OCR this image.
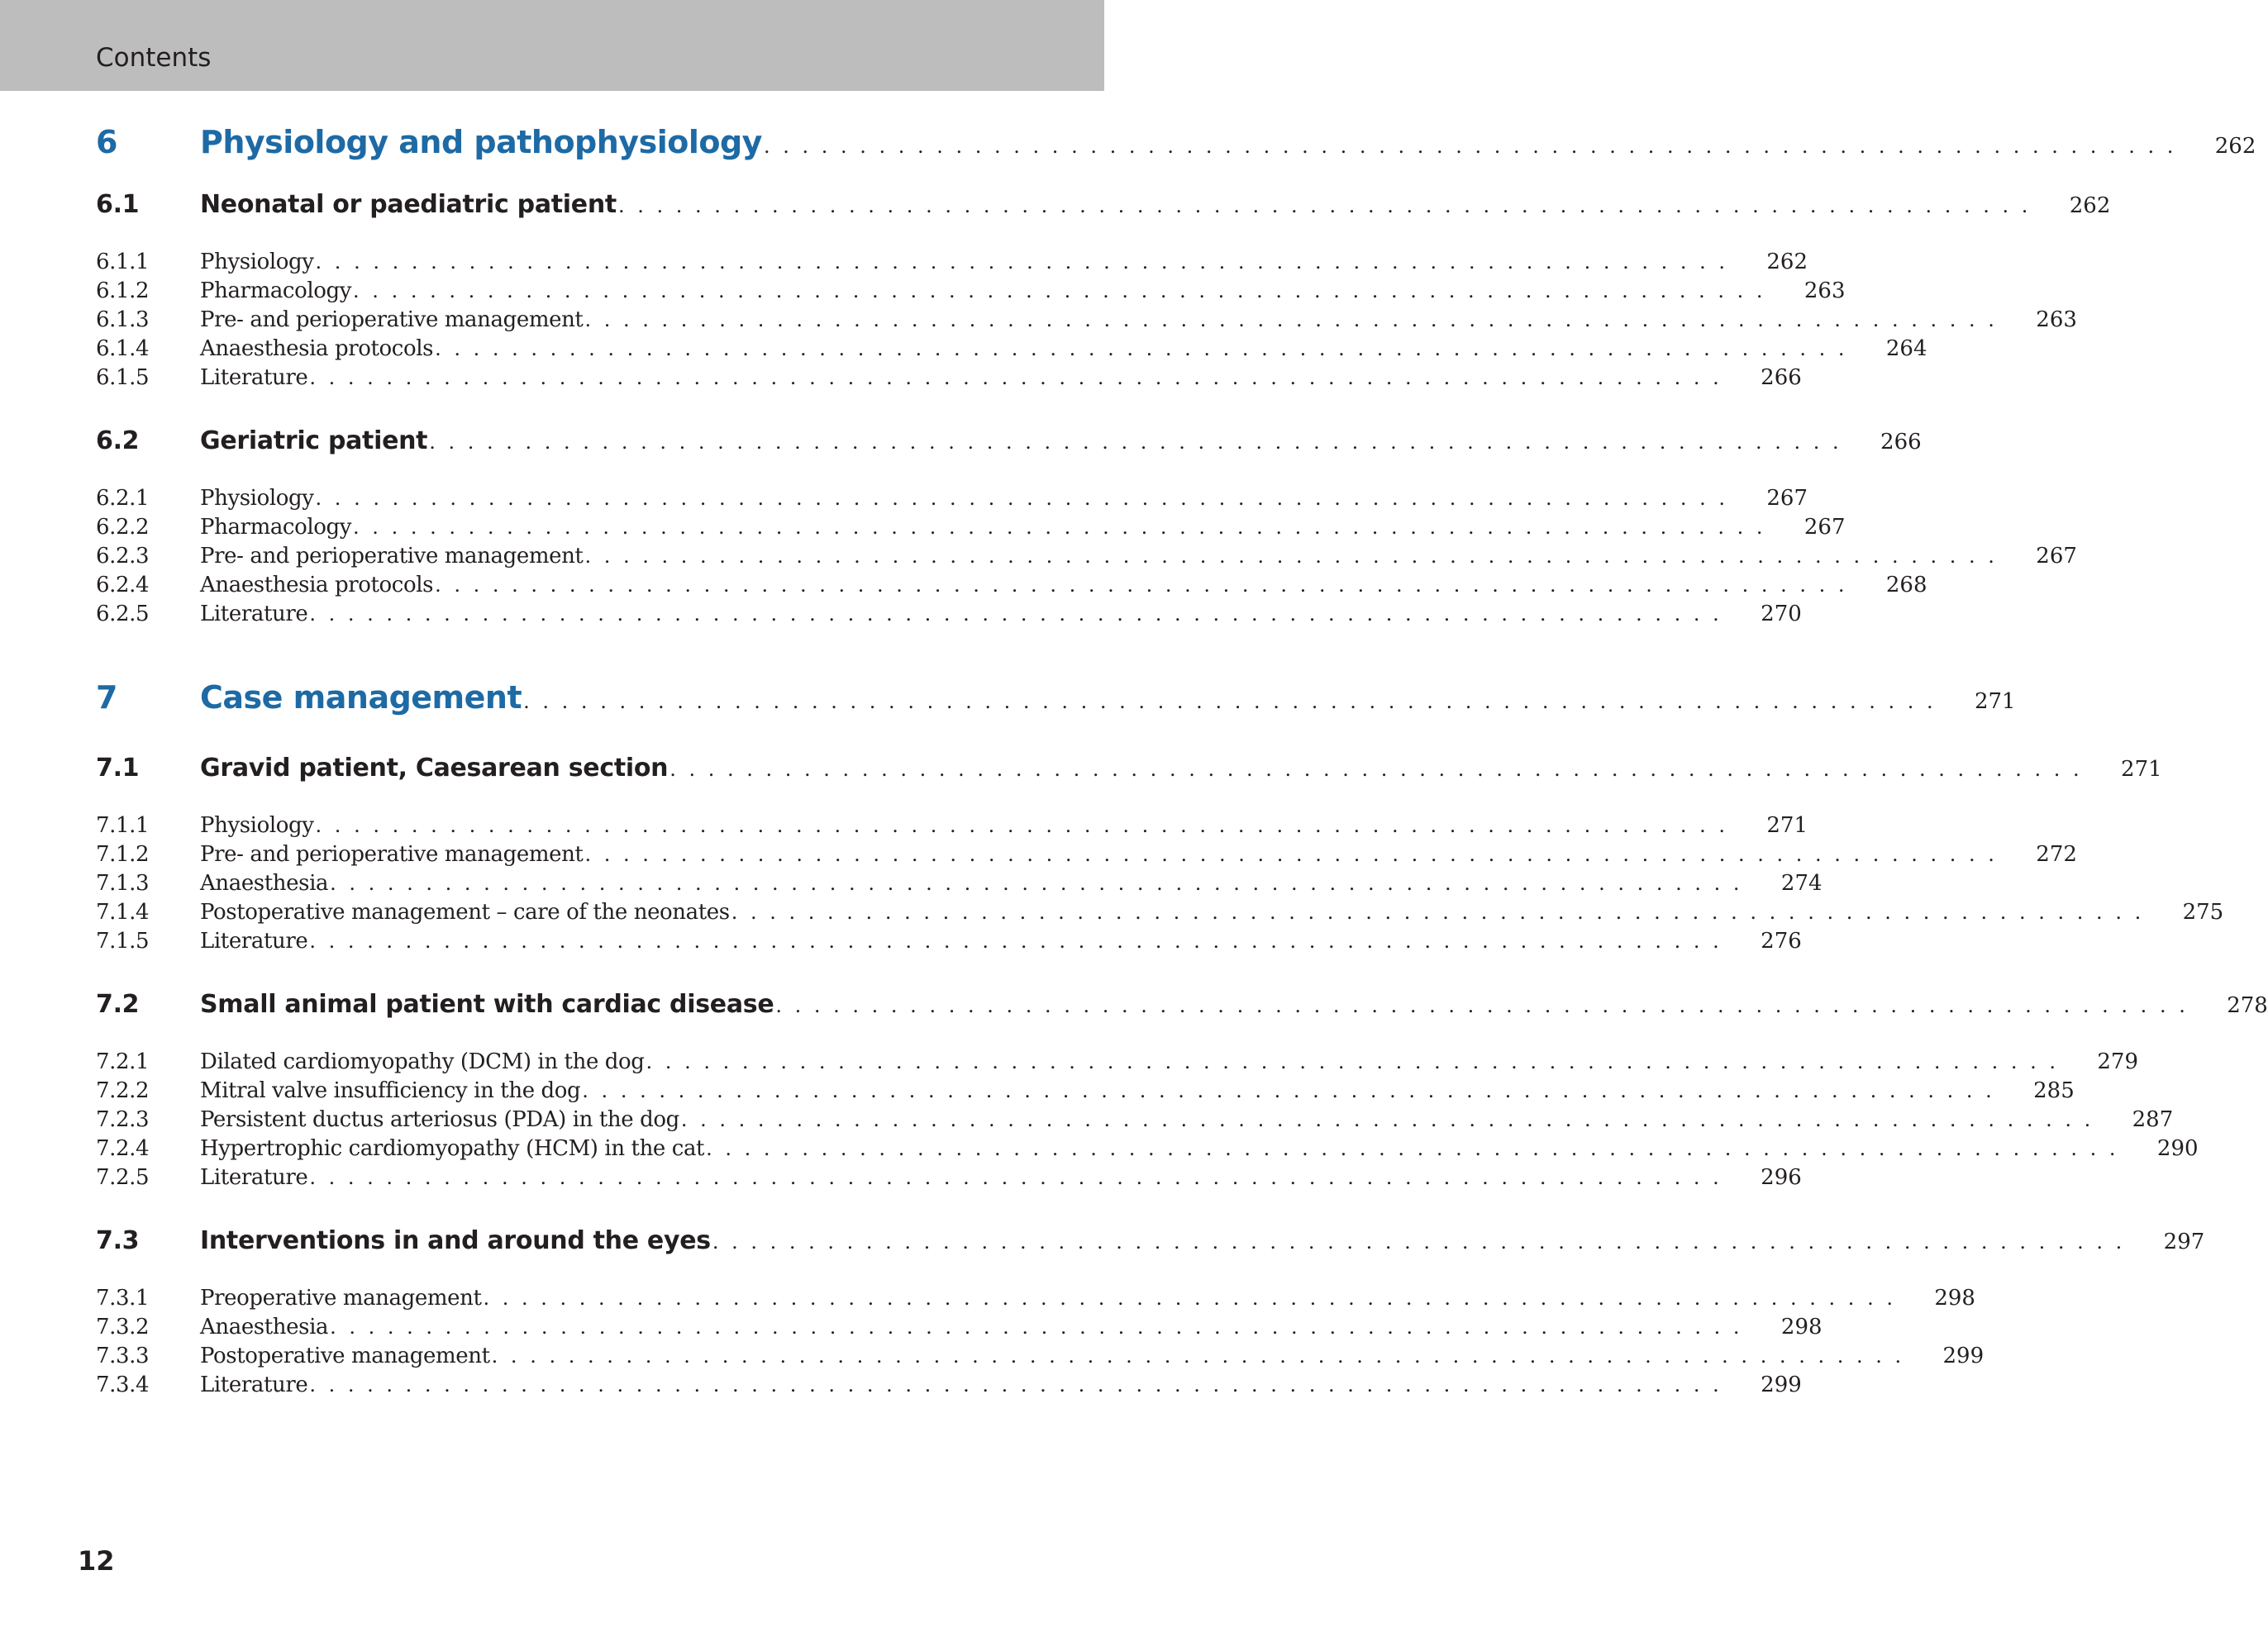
Contents
6	Physiology and pathophysiology . . . . . . . . . . . . . . . . . . . . . . . . . . . . . . . . . . . . . . . . . . . . . . . . . . . . . . . . . . . . . . . . . . . . . . . . . . 262
6.1	Neonatal or paediatric patient . . . . . . . . . . . . . . . . . . . . . . . . . . . . . . . . . . . . . . . . . . . . . . . . . . . . . . . . . . . . . . . . . . . . . . . . . . 262
6.1.1	Physiology . . . . . . . . . . . . . . . . . . . . . . . . . . . . . . . . . . . . . . . . . . . . . . . . . . . . . . . . . . . . . . . . . . . . . . . . . . 262
6.1.2	Pharmacology . . . . . . . . . . . . . . . . . . . . . . . . . . . . . . . . . . . . . . . . . . . . . . . . . . . . . . . . . . . . . . . . . . . . . . . . . . 263
6.1.3	Pre- and perioperative management . . . . . . . . . . . . . . . . . . . . . . . . . . . . . . . . . . . . . . . . . . . . . . . . . . . . . . . . . . . . . . . . . . . . . . . . . . 263
6.1.4	Anaesthesia protocols . . . . . . . . . . . . . . . . . . . . . . . . . . . . . . . . . . . . . . . . . . . . . . . . . . . . . . . . . . . . . . . . . . . . . . . . . . 264
6.1.5	Literature . . . . . . . . . . . . . . . . . . . . . . . . . . . . . . . . . . . . . . . . . . . . . . . . . . . . . . . . . . . . . . . . . . . . . . . . . . 266
6.2	Geriatric patient . . . . . . . . . . . . . . . . . . . . . . . . . . . . . . . . . . . . . . . . . . . . . . . . . . . . . . . . . . . . . . . . . . . . . . . . . . 266
6.2.1	Physiology . . . . . . . . . . . . . . . . . . . . . . . . . . . . . . . . . . . . . . . . . . . . . . . . . . . . . . . . . . . . . . . . . . . . . . . . . . 267
6.2.2	Pharmacology . . . . . . . . . . . . . . . . . . . . . . . . . . . . . . . . . . . . . . . . . . . . . . . . . . . . . . . . . . . . . . . . . . . . . . . . . . 267
6.2.3	Pre- and perioperative management . . . . . . . . . . . . . . . . . . . . . . . . . . . . . . . . . . . . . . . . . . . . . . . . . . . . . . . . . . . . . . . . . . . . . . . . . . 267
6.2.4	Anaesthesia protocols . . . . . . . . . . . . . . . . . . . . . . . . . . . . . . . . . . . . . . . . . . . . . . . . . . . . . . . . . . . . . . . . . . . . . . . . . . 268
6.2.5	Literature . . . . . . . . . . . . . . . . . . . . . . . . . . . . . . . . . . . . . . . . . . . . . . . . . . . . . . . . . . . . . . . . . . . . . . . . . . 270
7	Case management . . . . . . . . . . . . . . . . . . . . . . . . . . . . . . . . . . . . . . . . . . . . . . . . . . . . . . . . . . . . . . . . . . . . . . . . . . 271
7.1	Gravid patient, Caesarean section . . . . . . . . . . . . . . . . . . . . . . . . . . . . . . . . . . . . . . . . . . . . . . . . . . . . . . . . . . . . . . . . . . . . . . . . . . 271
7.1.1	Physiology . . . . . . . . . . . . . . . . . . . . . . . . . . . . . . . . . . . . . . . . . . . . . . . . . . . . . . . . . . . . . . . . . . . . . . . . . . 271
7.1.2	Pre- and perioperative management . . . . . . . . . . . . . . . . . . . . . . . . . . . . . . . . . . . . . . . . . . . . . . . . . . . . . . . . . . . . . . . . . . . . . . . . . . 272
7.1.3	Anaesthesia . . . . . . . . . . . . . . . . . . . . . . . . . . . . . . . . . . . . . . . . . . . . . . . . . . . . . . . . . . . . . . . . . . . . . . . . . . 274
7.1.4	Postoperative management – care of the neonates . . . . . . . . . . . . . . . . . . . . . . . . . . . . . . . . . . . . . . . . . . . . . . . . . . . . . . . . . . . . . . . . . . . . . . . . . . 275
7.1.5	Literature . . . . . . . . . . . . . . . . . . . . . . . . . . . . . . . . . . . . . . . . . . . . . . . . . . . . . . . . . . . . . . . . . . . . . . . . . . 276
7.2	Small animal patient with cardiac disease . . . . . . . . . . . . . . . . . . . . . . . . . . . . . . . . . . . . . . . . . . . . . . . . . . . . . . . . . . . . . . . . . . . . . . . . . . 278
7.2.1	Dilated cardiomyopathy (DCM) in the dog . . . . . . . . . . . . . . . . . . . . . . . . . . . . . . . . . . . . . . . . . . . . . . . . . . . . . . . . . . . . . . . . . . . . . . . . . . 279
7.2.2	Mitral valve insufficiency in the dog . . . . . . . . . . . . . . . . . . . . . . . . . . . . . . . . . . . . . . . . . . . . . . . . . . . . . . . . . . . . . . . . . . . . . . . . . . 285
7.2.3	Persistent ductus arteriosus (PDA) in the dog . . . . . . . . . . . . . . . . . . . . . . . . . . . . . . . . . . . . . . . . . . . . . . . . . . . . . . . . . . . . . . . . . . . . . . . . . . 287
7.2.4	Hypertrophic cardiomyopathy (HCM) in the cat . . . . . . . . . . . . . . . . . . . . . . . . . . . . . . . . . . . . . . . . . . . . . . . . . . . . . . . . . . . . . . . . . . . . . . . . . . 290
7.2.5	Literature . . . . . . . . . . . . . . . . . . . . . . . . . . . . . . . . . . . . . . . . . . . . . . . . . . . . . . . . . . . . . . . . . . . . . . . . . . 296
7.3	Interventions in and around the eyes . . . . . . . . . . . . . . . . . . . . . . . . . . . . . . . . . . . . . . . . . . . . . . . . . . . . . . . . . . . . . . . . . . . . . . . . . . 297
7.3.1	Preoperative management . . . . . . . . . . . . . . . . . . . . . . . . . . . . . . . . . . . . . . . . . . . . . . . . . . . . . . . . . . . . . . . . . . . . . . . . . . 298
7.3.2	Anaesthesia . . . . . . . . . . . . . . . . . . . . . . . . . . . . . . . . . . . . . . . . . . . . . . . . . . . . . . . . . . . . . . . . . . . . . . . . . . 298
7.3.3	Postoperative management . . . . . . . . . . . . . . . . . . . . . . . . . . . . . . . . . . . . . . . . . . . . . . . . . . . . . . . . . . . . . . . . . . . . . . . . . . 299
7.3.4	Literature . . . . . . . . . . . . . . . . . . . . . . . . . . . . . . . . . . . . . . . . . . . . . . . . . . . . . . . . . . . . . . . . . . . . . . . . . . 299
12
